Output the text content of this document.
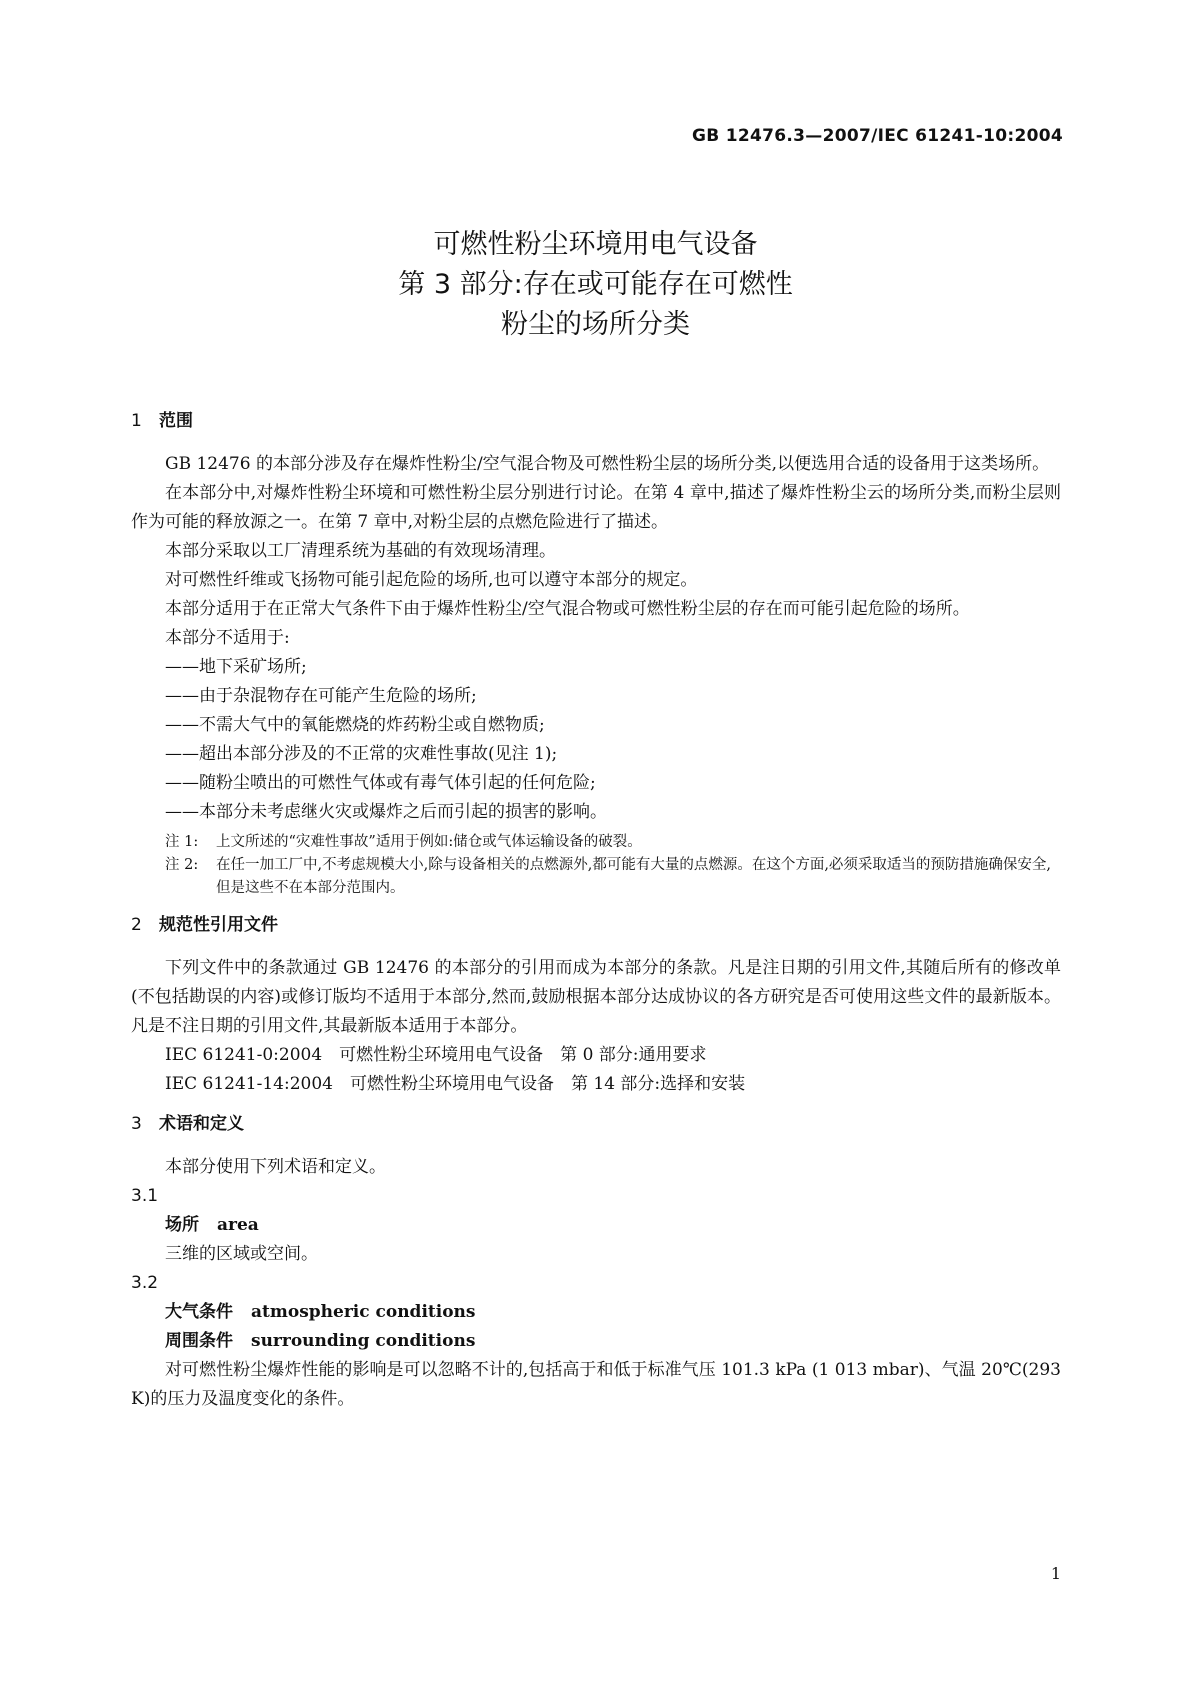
GB 12476.3—2007/IEC 61241-10:2004
可燃性粉尘环境用电气设备
第 3 部分:存在或可能存在可燃性
粉尘的场所分类
1 范围
GB 12476 的本部分涉及存在爆炸性粉尘/空气混合物及可燃性粉尘层的场所分类,以便选用合适的设备用于这类场所。
在本部分中,对爆炸性粉尘环境和可燃性粉尘层分别进行讨论。在第 4 章中,描述了爆炸性粉尘云的场所分类,而粉尘层则作为可能的释放源之一。在第 7 章中,对粉尘层的点燃危险进行了描述。
本部分采取以工厂清理系统为基础的有效现场清理。
对可燃性纤维或飞扬物可能引起危险的场所,也可以遵守本部分的规定。
本部分适用于在正常大气条件下由于爆炸性粉尘/空气混合物或可燃性粉尘层的存在而可能引起危险的场所。
本部分不适用于:
——地下采矿场所;
——由于杂混物存在可能产生危险的场所;
——不需大气中的氧能燃烧的炸药粉尘或自燃物质;
——超出本部分涉及的不正常的灾难性事故(见注 1);
——随粉尘喷出的可燃性气体或有毒气体引起的任何危险;
——本部分未考虑继火灾或爆炸之后而引起的损害的影响。
注 1: 上文所述的“灾难性事故”适用于例如:储仓或气体运输设备的破裂。
注 2: 在任一加工厂中,不考虑规模大小,除与设备相关的点燃源外,都可能有大量的点燃源。在这个方面,必须采取适当的预防措施确保安全,但是这些不在本部分范围内。
2 规范性引用文件
下列文件中的条款通过 GB 12476 的本部分的引用而成为本部分的条款。凡是注日期的引用文件,其随后所有的修改单(不包括勘误的内容)或修订版均不适用于本部分,然而,鼓励根据本部分达成协议的各方研究是否可使用这些文件的最新版本。凡是不注日期的引用文件,其最新版本适用于本部分。
IEC 61241-0:2004　 可燃性粉尘环境用电气设备　第 0 部分:通用要求
IEC 61241-14:2004　 可燃性粉尘环境用电气设备　第 14 部分:选择和安装
3 术语和定义
本部分使用下列术语和定义。
3.1
场所 area
三维的区域或空间。
3.2
大气条件 atmospheric conditions
周围条件 surrounding conditions
对可燃性粉尘爆炸性能的影响是可以忽略不计的,包括高于和低于标准气压 101.3 kPa (1 013 mbar)、气温 20℃(293 K)的压力及温度变化的条件。
1
